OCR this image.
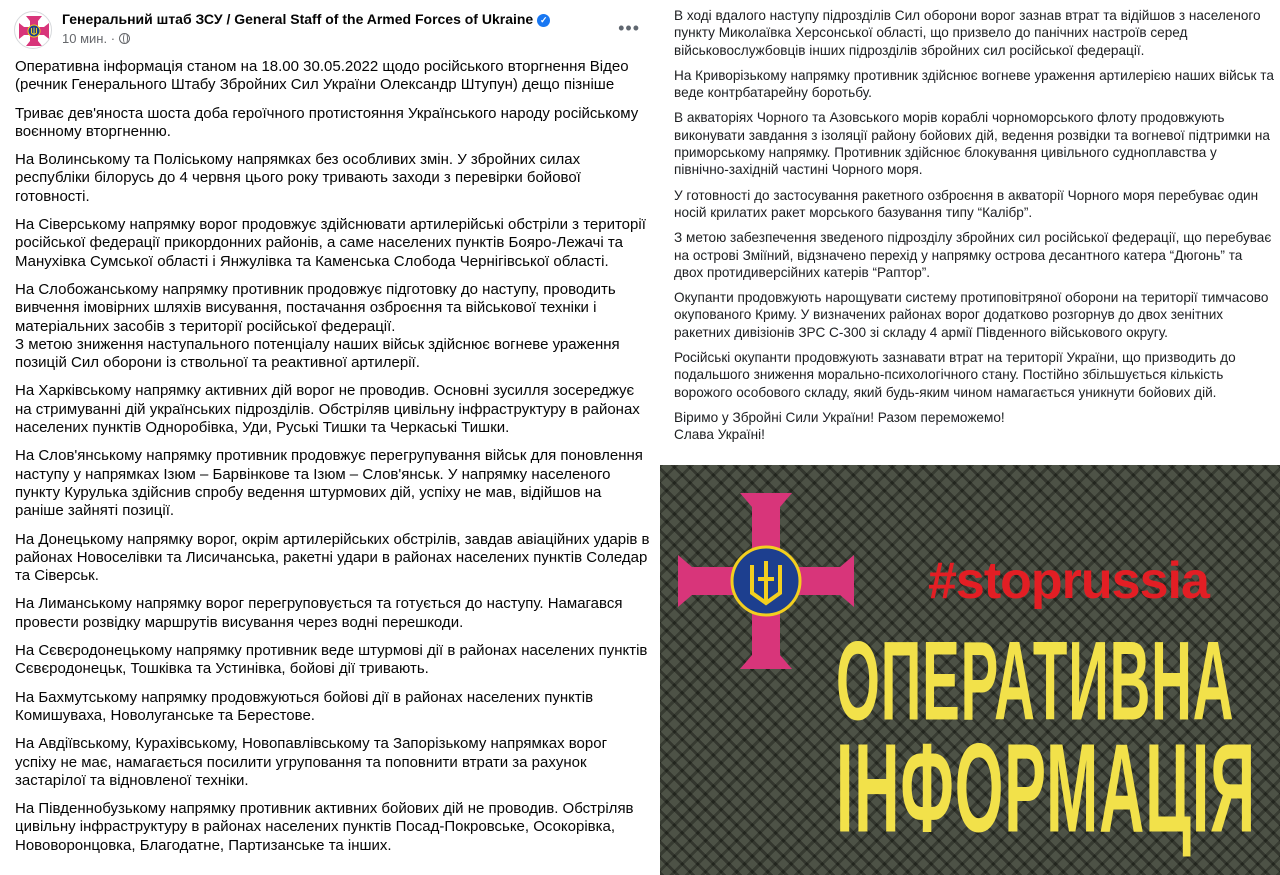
Генеральний штаб ЗСУ / General Staff of the Armed Forces of Ukraine ✓
10 мин. ·
•••

Оперативна інформація станом на 18.00 30.05.2022 щодо російського вторгнення Відео (речник Генерального Штабу Збройних Сил України Олександр Штупун) дещо пізніше

Триває дев'яноста шоста доба героїчного протистояння Українського народу російському воєнному вторгненню.

На Волинському та Поліському напрямках без особливих змін. У збройних силах республіки білорусь до 4 червня цього року тривають заходи з перевірки бойової готовності.

На Сіверському напрямку ворог продовжує здійснювати артилерійські обстріли з території російської федерації прикордонних районів, а саме населених пунктів Бояро-Лежачі та Манухівка Сумської області і Янжулівка та Каменська Слобода Чернігівської області.

На Слобожанському напрямку противник продовжує підготовку до наступу, проводить вивчення імовірних шляхів висування, постачання озброєння та військової техніки і матеріальних засобів з території російської федерації.
З метою зниження наступального потенціалу наших військ здійснює вогневе ураження позицій Сил оборони із ствольної та реактивної артилерії.

На Харківському напрямку активних дій ворог не проводив. Основні зусилля зосереджує на стримуванні дій українських підрозділів. Обстріляв цивільну інфраструктуру в районах населених пунктів Одноробівка, Уди, Руські Тишки та Черкаські Тишки.

На Слов'янському напрямку противник продовжує перегрупування військ для поновлення наступу у напрямках Ізюм – Барвінкове та Ізюм – Слов'янськ. У напрямку населеного пункту Курулька здійснив спробу ведення штурмових дій, успіху не мав, відійшов на раніше зайняті позиції.

На Донецькому напрямку ворог, окрім артилерійських обстрілів, завдав авіаційних ударів в районах Новоселівки та Лисичанська, ракетні удари в районах населених пунктів Соледар та Сіверськ.

На Лиманському напрямку ворог перегруповується та готується до наступу. Намагався провести розвідку маршрутів висування через водні перешкоди.

На Сєвєродонецькому напрямку противник веде штурмові дії в районах населених пунктів Сєвєродонецьк, Тошківка та Устинівка, бойові дії тривають.

На Бахмутському напрямку продовжуються бойові дії в районах населених пунктів Комишуваха, Новолуганське та Берестове.

На Авдіївському, Курахівському, Новопавлівському та Запорізькому напрямках ворог успіху не має, намагається посилити угруповання та поповнити втрати за рахунок застарілої та відновленої техніки.

На Південнобузькому напрямку противник активних бойових дій не проводив. Обстріляв цивільну інфраструктуру в районах населених пунктів Посад-Покровське, Осокорівка, Нововоронцовка, Благодатне, Партизанське та інших.

В ході вдалого наступу підрозділів Сил оборони ворог зазнав втрат та відійшов з населеного пункту Миколаївка Херсонської області, що призвело до панічних настроїв серед військовослужбовців інших підрозділів збройних сил російської федерації.

На Криворізькому напрямку противник здійснює вогневе ураження артилерією наших військ та веде контрбатарейну боротьбу.

В акваторіях Чорного та Азовського морів кораблі чорноморського флоту продовжують виконувати завдання з ізоляції району бойових дій, ведення розвідки та вогневої підтримки на приморському напрямку. Противник здійснює блокування цивільного судноплавства у північно-західній частині Чорного моря.

У готовності до застосування ракетного озброєння в акваторії Чорного моря перебуває один носій крилатих ракет морського базування типу “Калібр”.

З метою забезпечення зведеного підрозділу збройних сил російської федерації, що перебуває на острові Зміїний, відзначено перехід у напрямку острова десантного катера “Дюгонь” та двох протидиверсійних катерів “Раптор”.

Окупанти продовжують нарощувати систему протиповітряної оборони на території тимчасово окупованого Криму. У визначених районах ворог додатково розгорнув до двох зенітних ракетних дивізіонів ЗРС С-300 зі складу 4 армії Південного військового округу.

Російські окупанти продовжують зазнавати втрат на території України, що призводить до подальшого зниження морально-психологічного стану. Постійно збільшується кількість ворожого особового складу, який будь-яким чином намагається уникнути бойових дій.

Віримо у Збройні Сили України! Разом переможемо!
Слава Україні!

#stoprussia
ОПЕРАТИВНА
ІНФОРМАЦІЯ
